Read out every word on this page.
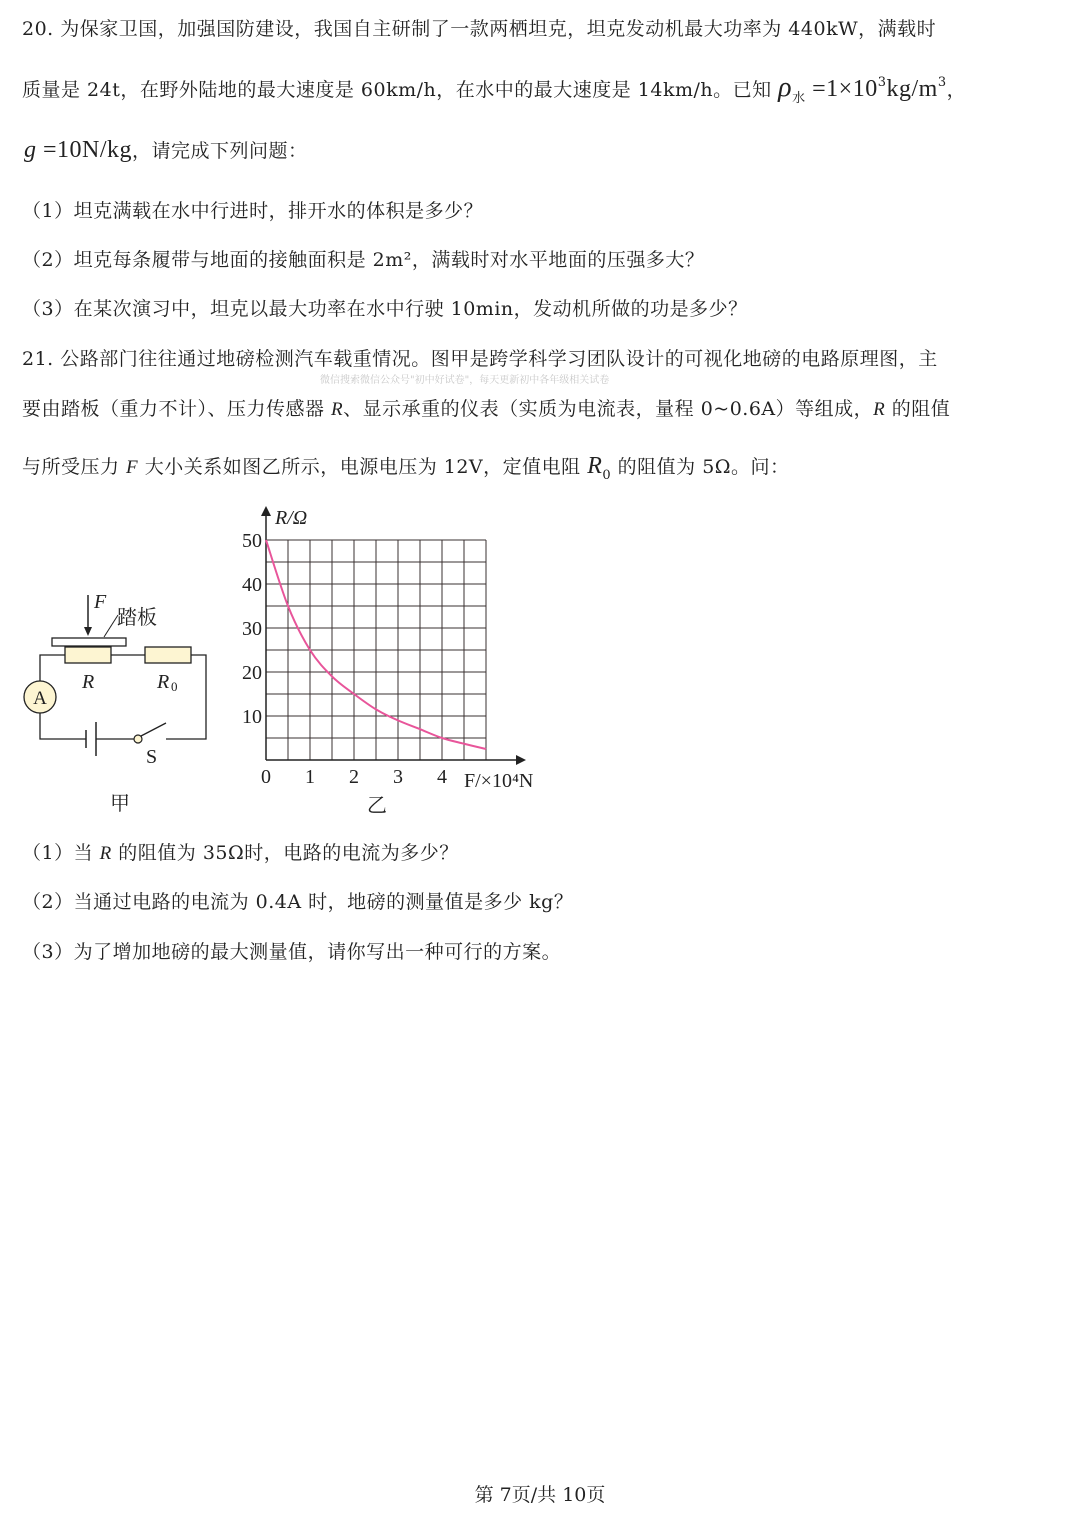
20. 为保家卫国，加强国防建设，我国自主研制了一款两栖坦克，坦克发动机最大功率为 440kW，满载时
质量是 24t，在野外陆地的最大速度是 60km/h，在水中的最大速度是 14km/h。已知 $\rho_水 =1\times 10^3kg/m^3$，
g =10N/kg，请完成下列问题：
（1）坦克满载在水中行进时，排开水的体积是多少？
（2）坦克每条履带与地面的接触面积是 2m²，满载时对水平地面的压强多大？
（3）在某次演习中，坦克以最大功率在水中行驶 10min，发动机所做的功是多少？
21. 公路部门往往通过地磅检测汽车载重情况。图甲是跨学科学习团队设计的可视化地磅的电路原理图，主
微信搜索微信公众号"初中好试卷"，每天更新初中各年级相关试卷
要由踏板（重力不计）、压力传感器 R、显示承重的仪表（实质为电流表，量程 0~0.6A）等组成，R 的阻值
与所受压力 F 大小关系如图乙所示，电源电压为 12V，定值电阻 $R_0$ 的阻值为 5Ω。问：
F
踏板
A
S
R	R 0
甲
10
20
30
40
50
0 1 2 3 4
R/Ω
F/×10⁴N
乙
第 7页/共 10页
（1）当 R 的阻值为 35Ω时，电路的电流为多少？
（2）当通过电路的电流为 0.4A 时，地磅的测量值是多少 kg？
（3）为了增加地磅的最大测量值，请你写出一种可行的方案。
